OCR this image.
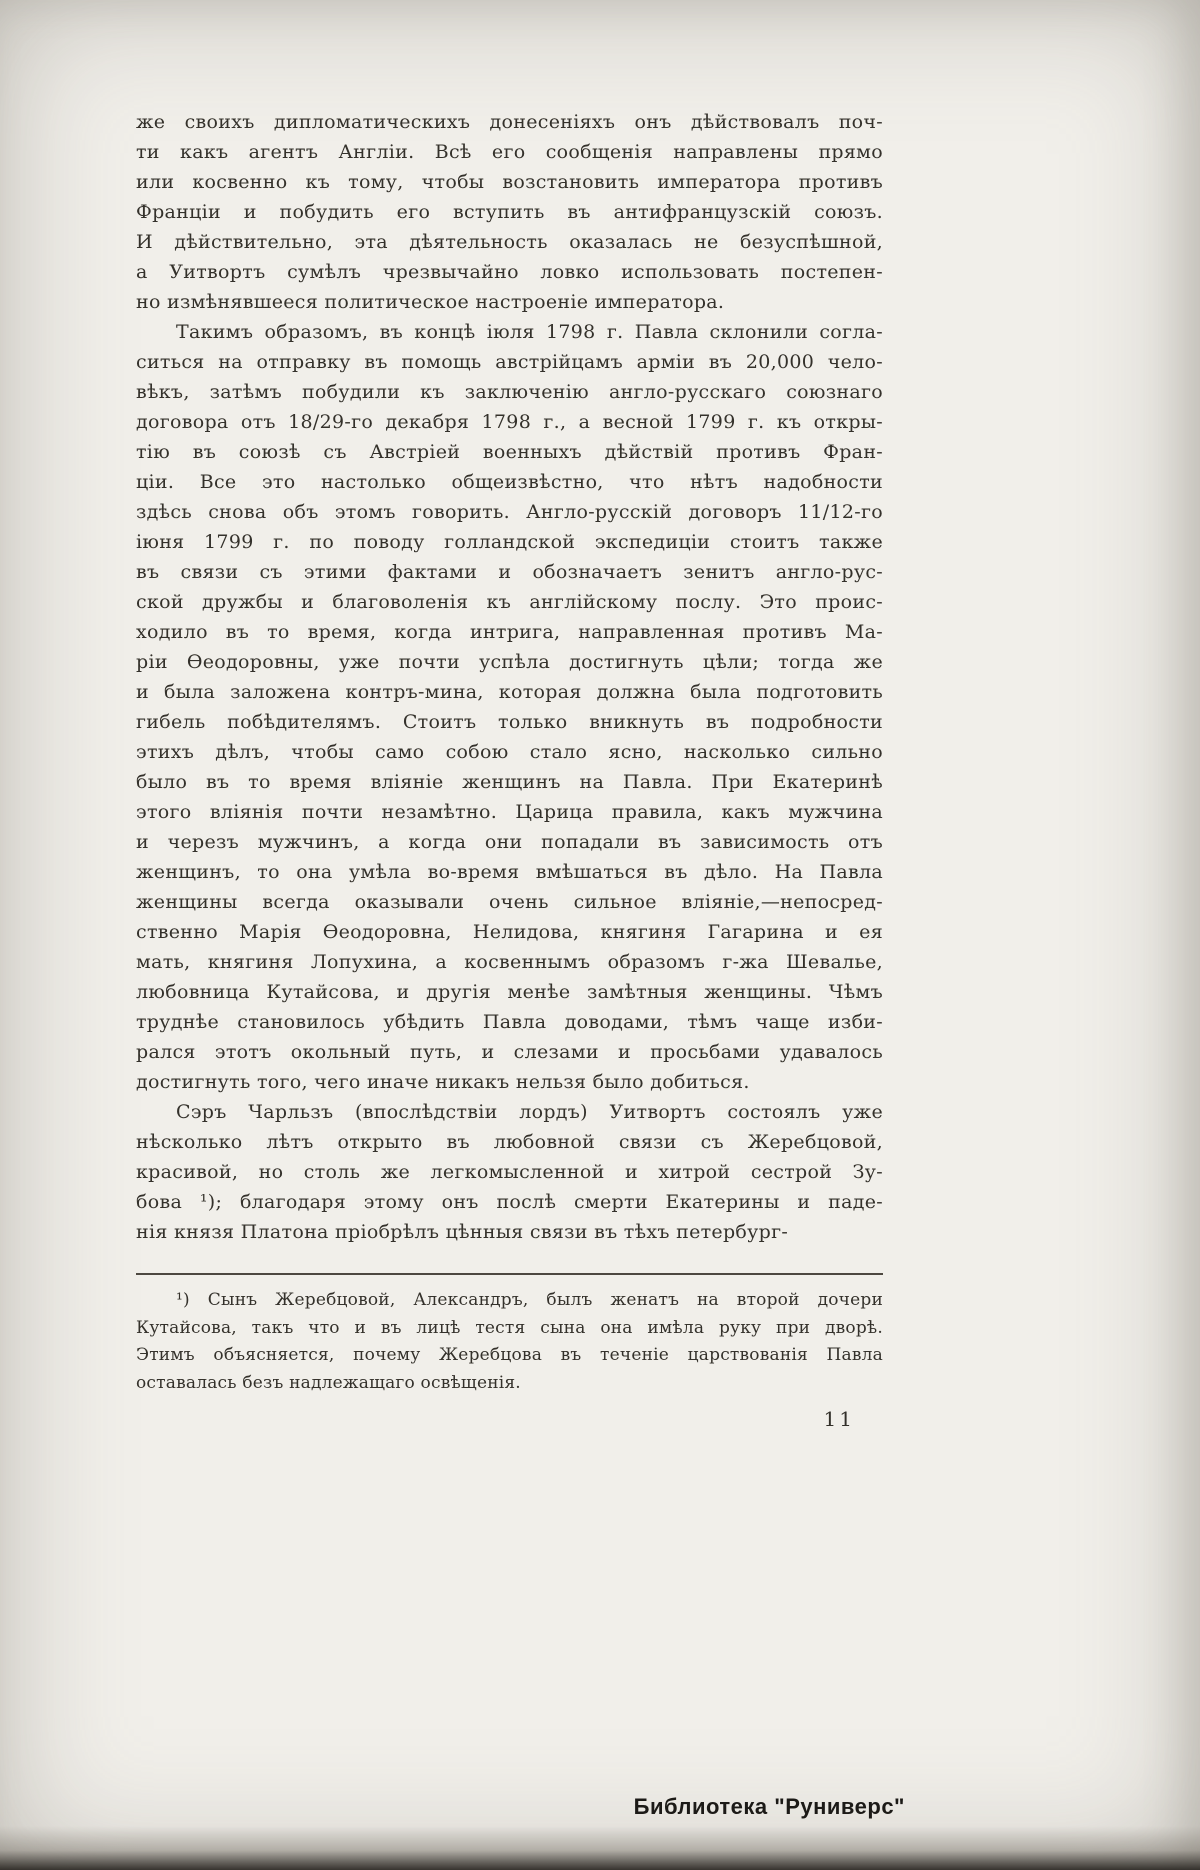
же своихъ дипломатическихъ донесеніяхъ онъ дѣйствовалъ поч-
ти какъ агентъ Англіи. Всѣ его сообщенія направлены прямо
или косвенно къ тому, чтобы возстановить императора противъ
Франціи и побудить его вступить въ антифранцузскій союзъ.
И дѣйствительно, эта дѣятельность оказалась не безуспѣшной,
а Уитвортъ сумѣлъ чрезвычайно ловко использовать постепен-
но измѣнявшееся политическое настроеніе императора.
Такимъ образомъ, въ концѣ іюля 1798 г. Павла склонили согла-
ситься на отправку въ помощь австрійцамъ арміи въ 20,000 чело-
вѣкъ, затѣмъ побудили къ заключенію англо-русскаго союзнаго
договора отъ 18/29-го декабря 1798 г., а весной 1799 г. къ откры-
тію въ союзѣ съ Австріей военныхъ дѣйствій противъ Фран-
ціи. Все это настолько общеизвѣстно, что нѣтъ надобности
здѣсь снова объ этомъ говорить. Англо-русскій договоръ 11/12-го
іюня 1799 г. по поводу голландской экспедиціи стоитъ также
въ связи съ этими фактами и обозначаетъ зенитъ англо-рус-
ской дружбы и благоволенія къ англійскому послу. Это проис-
ходило въ то время, когда интрига, направленная противъ Ма-
ріи Ѳеодоровны, уже почти успѣла достигнуть цѣли; тогда же
и была заложена контръ-мина, которая должна была подготовить
гибель побѣдителямъ. Стоитъ только вникнуть въ подробности
этихъ дѣлъ, чтобы само собою стало ясно, насколько сильно
было въ то время вліяніе женщинъ на Павла. При Екатеринѣ
этого вліянія почти незамѣтно. Царица правила, какъ мужчина
и черезъ мужчинъ, а когда они попадали въ зависимость отъ
женщинъ, то она умѣла во-время вмѣшаться въ дѣло. На Павла
женщины всегда оказывали очень сильное вліяніе,—непосред-
ственно Марія Ѳеодоровна, Нелидова, княгиня Гагарина и ея
мать, княгиня Лопухина, а косвеннымъ образомъ г-жа Шевалье,
любовница Кутайсова, и другія менѣе замѣтныя женщины. Чѣмъ
труднѣе становилось убѣдить Павла доводами, тѣмъ чаще изби-
рался этотъ окольный путь, и слезами и просьбами удавалось
достигнуть того, чего иначе никакъ нельзя было добиться.
Сэръ Чарльзъ (впослѣдствіи лордъ) Уитвортъ состоялъ уже
нѣсколько лѣтъ открыто въ любовной связи съ Жеребцовой,
красивой, но столь же легкомысленной и хитрой сестрой Зу-
бова ¹); благодаря этому онъ послѣ смерти Екатерины и паде-
нія князя Платона пріобрѣлъ цѣнныя связи въ тѣхъ петербург-
¹) Сынъ Жеребцовой, Александръ, былъ женатъ на второй дочери
Кутайсова, такъ что и въ лицѣ тестя сына она имѣла руку при дворѣ.
Этимъ объясняется, почему Жеребцова въ теченіе царствованія Павла
оставалась безъ надлежащаго освѣщенія.
11
Библиотека "Руниверс"
